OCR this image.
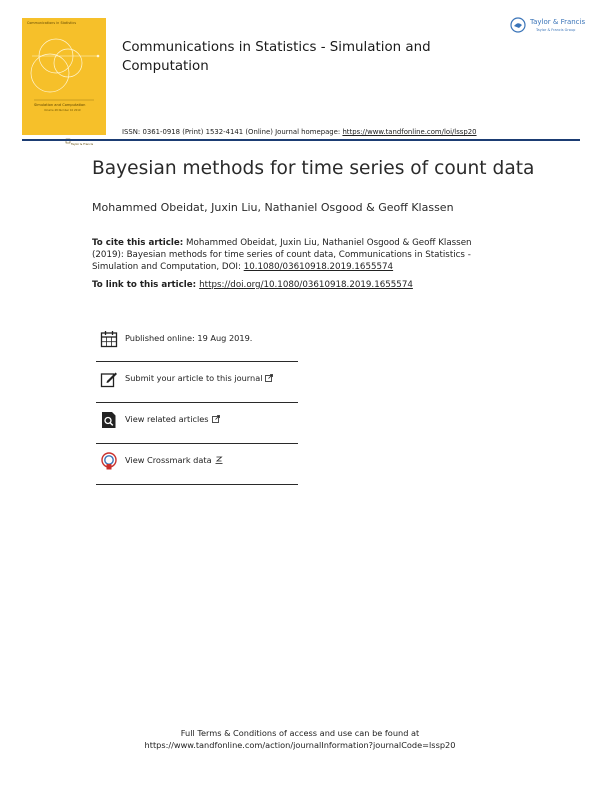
Communications in Statistics
Simulation and Computation
Volume 48 Number 10 2019
Taylor & Francis
Communications in Statistics - Simulation and Computation
Taylor & Francis
Taylor & Francis Group
ISSN: 0361-0918 (Print) 1532-4141 (Online) Journal homepage: https://www.tandfonline.com/loi/lssp20
Bayesian methods for time series of count data
Mohammed Obeidat, Juxin Liu, Nathaniel Osgood & Geoff Klassen
To cite this article: Mohammed Obeidat, Juxin Liu, Nathaniel Osgood & Geoff Klassen (2019): Bayesian methods for time series of count data, Communications in Statistics - Simulation and Computation, DOI: 10.1080/03610918.2019.1655574
To link to this article: https://doi.org/10.1080/03610918.2019.1655574
Published online: 19 Aug 2019.
Submit your article to this journal
View related articles
View Crossmark data
Full Terms & Conditions of access and use can be found at
https://www.tandfonline.com/action/journalInformation?journalCode=lssp20
